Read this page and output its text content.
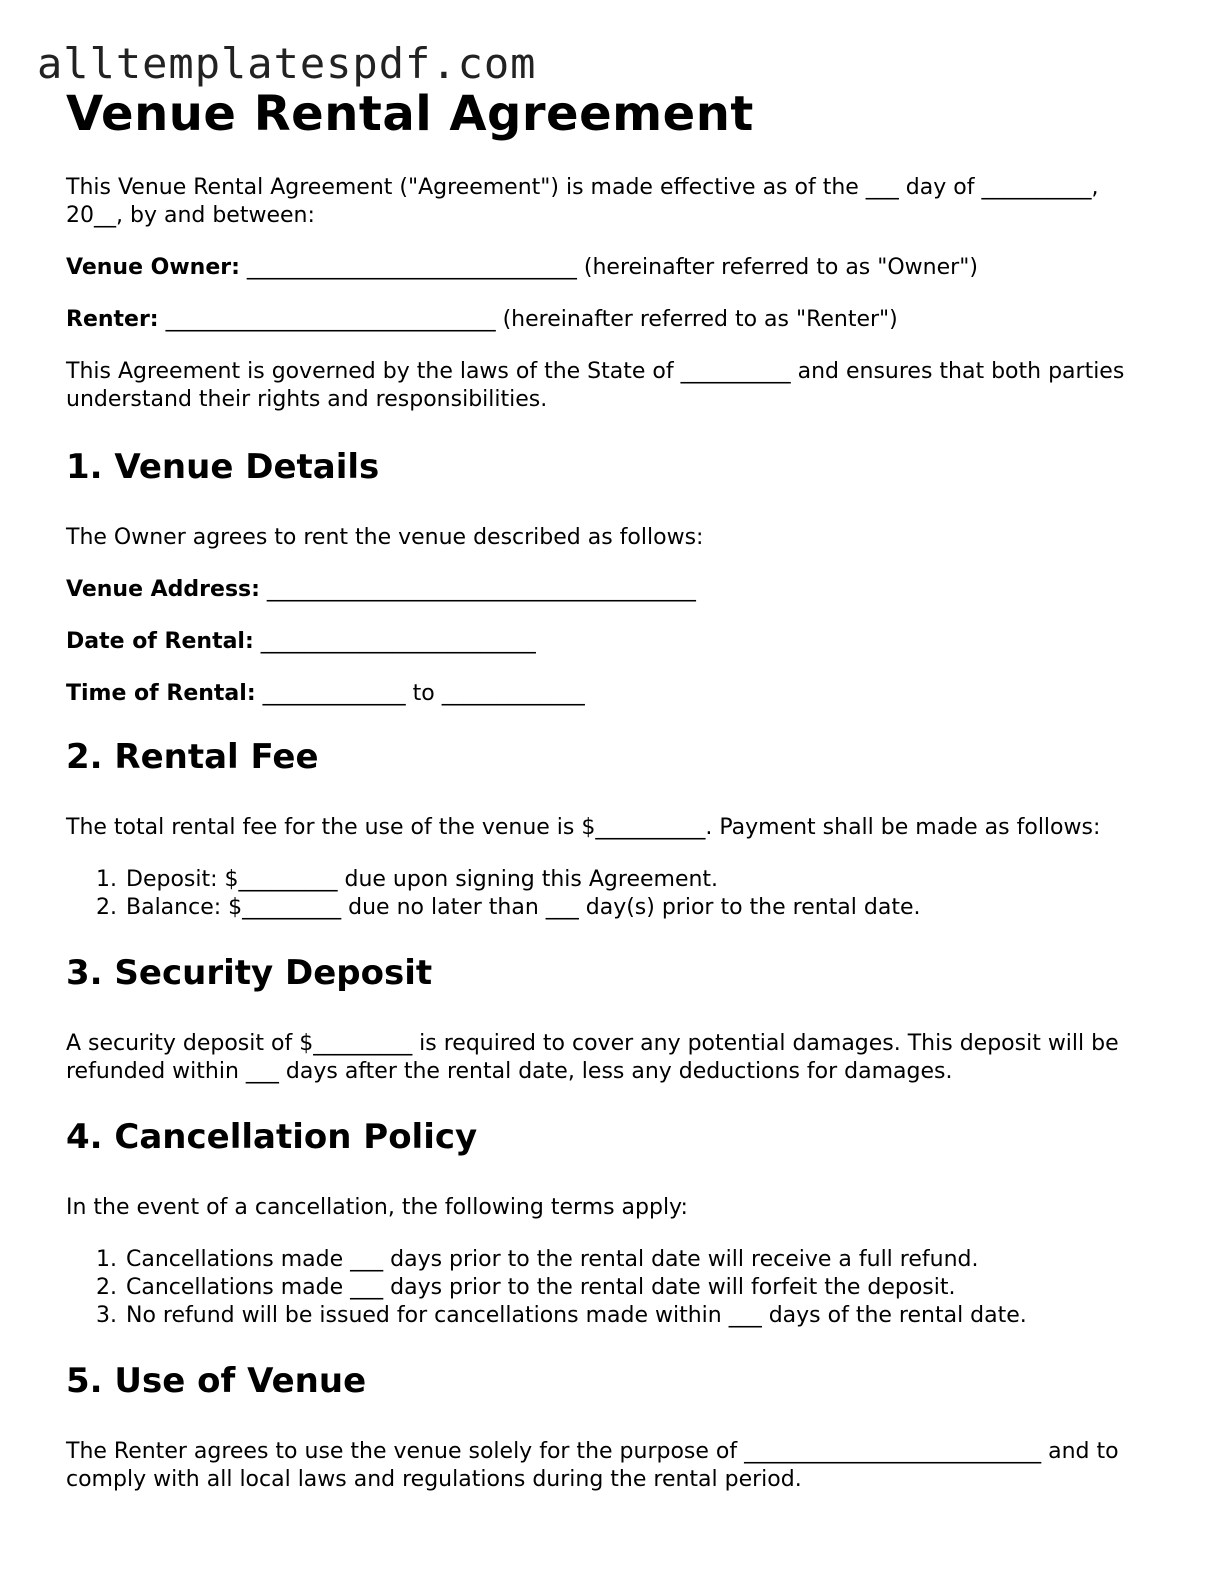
alltemplatespdf.com
Venue Rental Agreement

This Venue Rental Agreement ("Agreement") is made effective as of the ___ day of __________, 20__, by and between:

Venue Owner: ______________________________ (hereinafter referred to as "Owner")
Renter: ______________________________ (hereinafter referred to as "Renter")

This Agreement is governed by the laws of the State of __________ and ensures that both parties understand their rights and responsibilities.

1. Venue Details

The Owner agrees to rent the venue described as follows:

Venue Address: _______________________________________
Date of Rental: _________________________
Time of Rental: _____________ to _____________
2. Rental Fee

The total rental fee for the use of the venue is $__________. Payment shall be made as follows:

1. Deposit: $_________ due upon signing this Agreement.
2. Balance: $_________ due no later than ___ day(s) prior to the rental date.
3. Security Deposit

A security deposit of $_________ is required to cover any potential damages. This deposit will be refunded within ___ days after the rental date, less any deductions for damages.

4. Cancellation Policy

In the event of a cancellation, the following terms apply:

1. Cancellations made ___ days prior to the rental date will receive a full refund.
2. Cancellations made ___ days prior to the rental date will forfeit the deposit.
3. No refund will be issued for cancellations made within ___ days of the rental date.
5. Use of Venue

The Renter agrees to use the venue solely for the purpose of ___________________________ and to comply with all local laws and regulations during the rental period.
